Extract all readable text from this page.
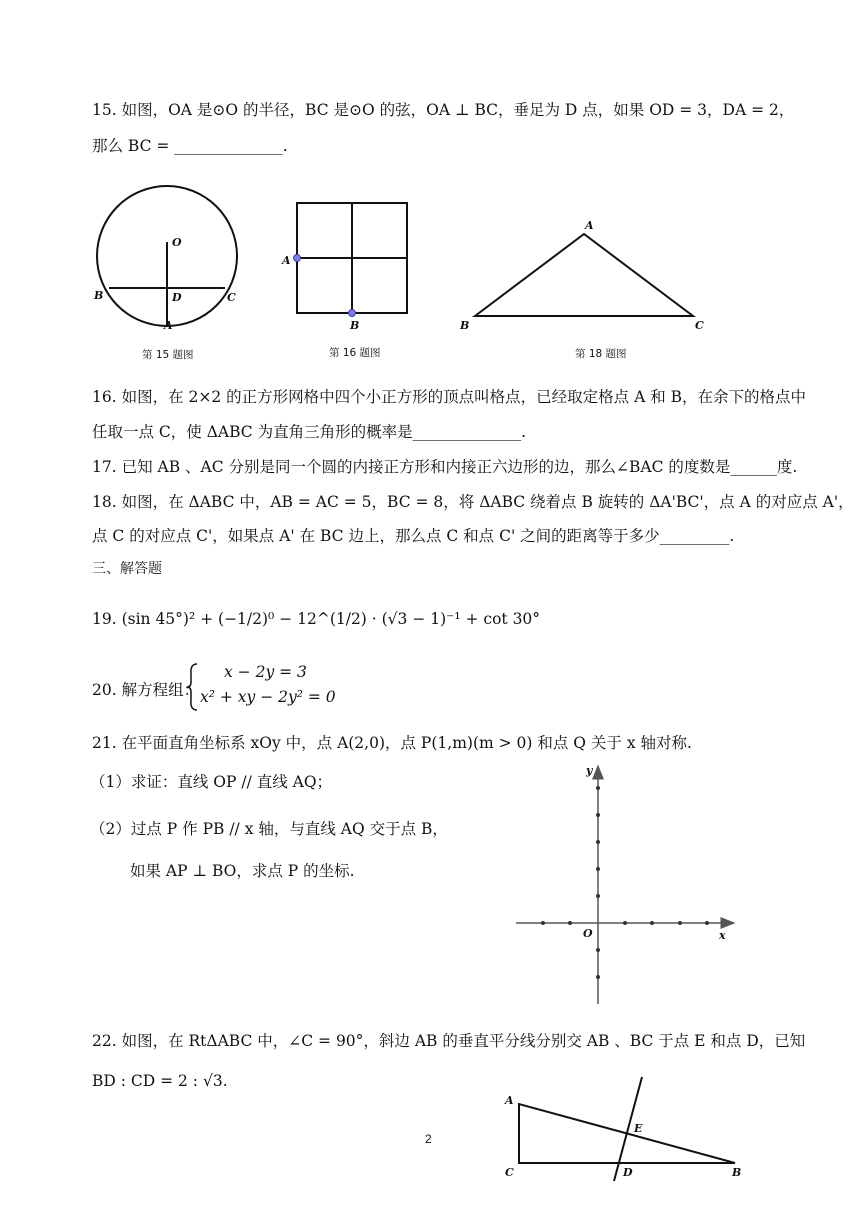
15. 如图，OA 是⊙O 的半径，BC 是⊙O 的弦，OA ⊥ BC，垂足为 D 点，如果 OD = 3，DA = 2，
那么 BC = ______________.
O
B	D	C
A
第 15 题图
A
B
第 16 题图
A
B	C
第 18 题图
16. 如图，在 2×2 的正方形网格中四个小正方形的顶点叫格点，已经取定格点 A 和 B，在余下的格点中
任取一点 C，使 ΔABC 为直角三角形的概率是______________.
17. 已知 AB 、AC 分别是同一个圆的内接正方形和内接正六边形的边，那么∠BAC 的度数是______度.
18. 如图，在 ΔABC 中，AB = AC = 5，BC = 8，将 ΔABC 绕着点 B 旋转的 ΔA'BC'，点 A 的对应点 A'，
点 C 的对应点 C'，如果点 A' 在 BC 边上，那么点 C 和点 C' 之间的距离等于多少_________.
三、解答题
19. (sin 45°)² + (−1/2)⁰ − 12^(1/2) · (√3 − 1)⁻¹ + cot 30°
20. 解方程组：
x − 2y = 3
x² + xy − 2y² = 0
21. 在平面直角坐标系 xOy 中，点 A(2,0)，点 P(1,m)(m > 0) 和点 Q 关于 x 轴对称.
（1）求证：直线 OP // 直线 AQ；
（2）过点 P 作 PB // x 轴，与直线 AQ 交于点 B，
如果 AP ⊥ BO，求点 P 的坐标.
y
x
O
22. 如图，在 RtΔABC 中，∠C = 90°，斜边 AB 的垂直平分线分别交 AB 、BC 于点 E 和点 D，已知
BD : CD = 2 : √3.
A
E
C	D	B
2
